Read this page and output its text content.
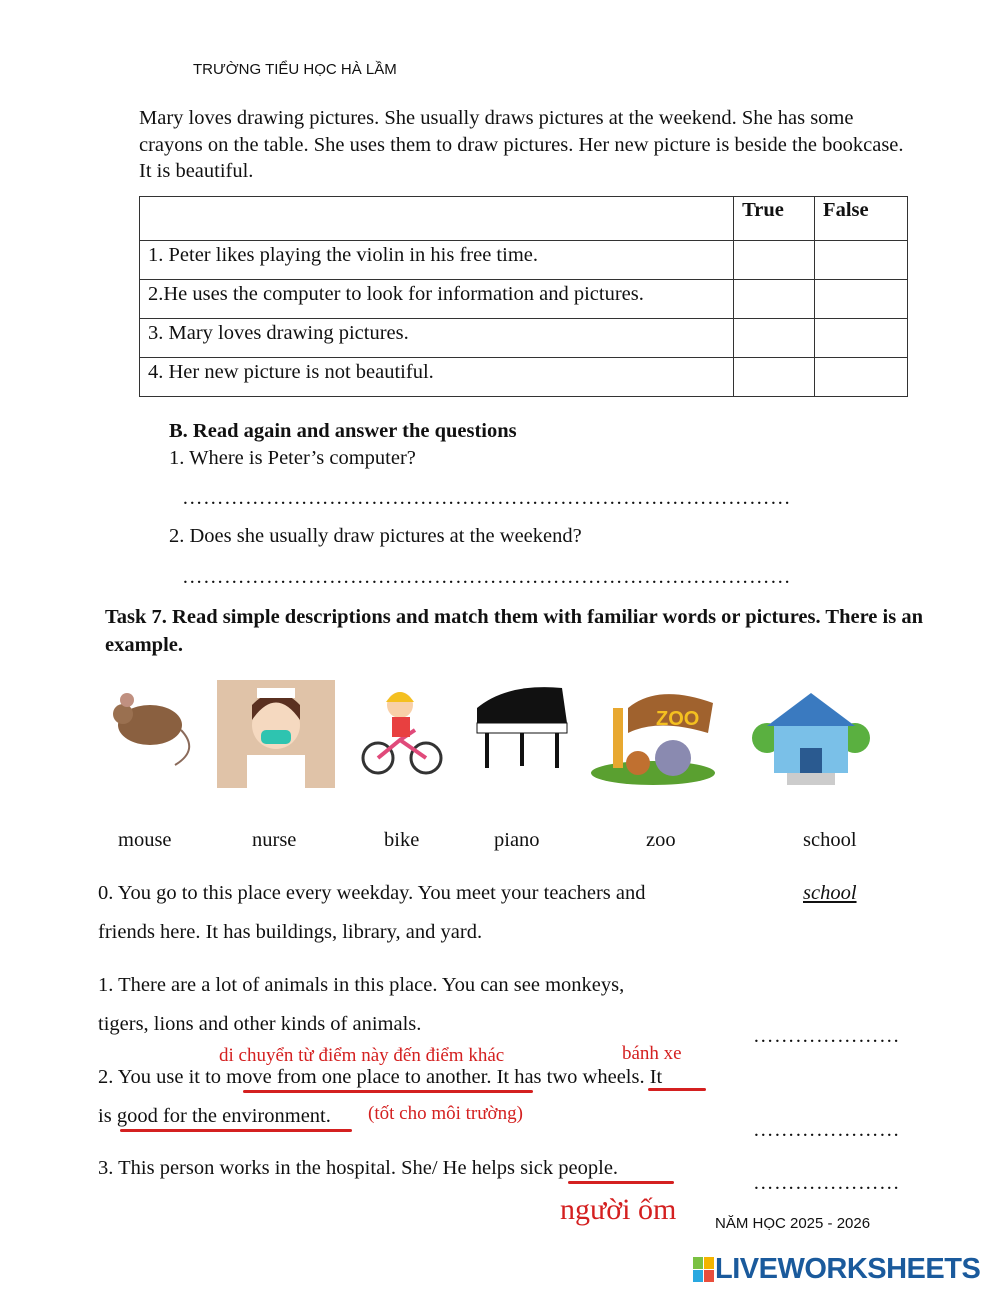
TRƯỜNG TIỂU HỌC HÀ LẦM
Mary loves drawing pictures. She usually draws pictures at the weekend. She has some crayons on the table. She uses them to draw pictures. Her new picture is beside the bookcase. It is beautiful.
	True	False
1. Peter likes playing the violin in his free time.		
2.He uses the computer to look for information and pictures.		
3. Mary loves drawing pictures.		
4. Her new picture is not beautiful.		
B. Read again and answer the questions
1. Where is Peter’s computer?
……………………………………………………………………………
2. Does she usually draw pictures at the weekend?
……………………………………………………………………………
Task 7. Read simple descriptions and match them with familiar words or pictures. There is an example.
ZOO
mouse	nurse	bike	piano	zoo	school
0. You go to this place every weekday. You meet your teachers and
friends here. It has buildings, library, and yard.
school
1. There are a lot of animals in this place. You can see monkeys,
tigers, lions and other kinds of animals.
…………………
di chuyển từ điểm này đến điểm khác	bánh xe
2. You use it to move from one place to another. It has two wheels. It
is good for the environment. (tốt cho môi trường)
…………………
3. This person works in the hospital. She/ He helps sick people.
…………………
người ốm	NĂM HỌC 2025 - 2026
LIVEWORKSHEETS
